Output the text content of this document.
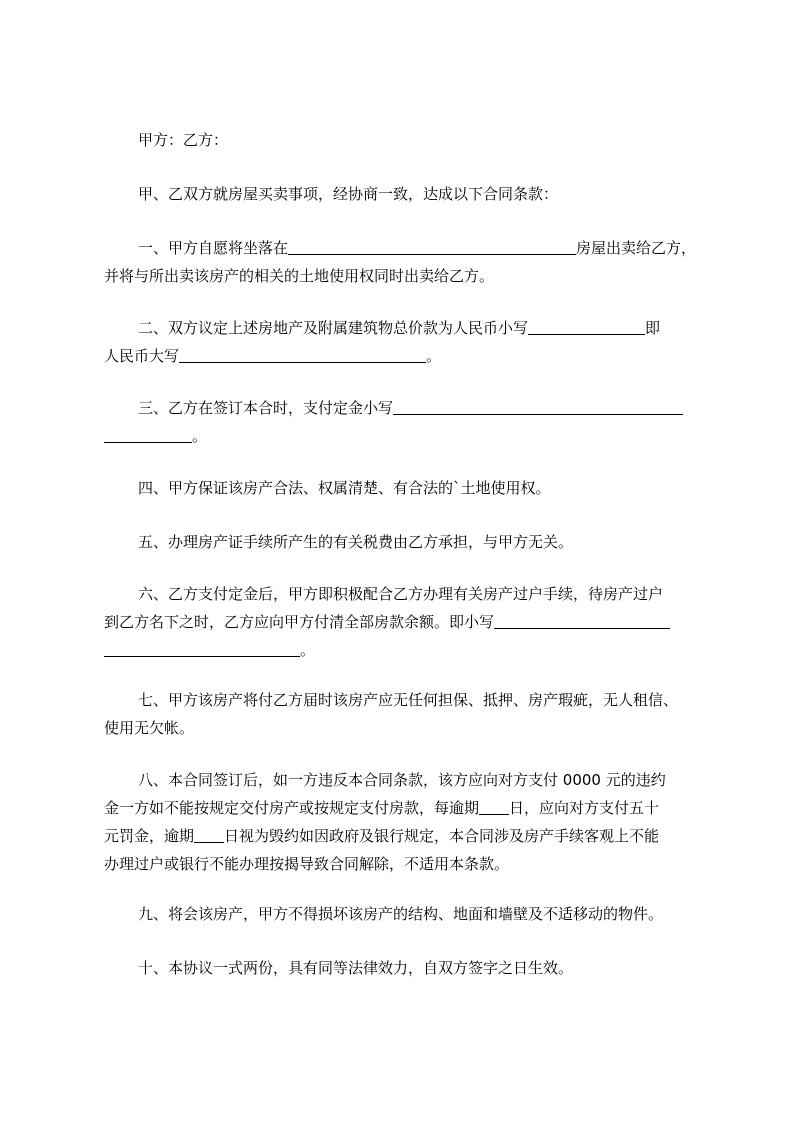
甲方：乙方：

甲、乙双方就房屋买卖事项，经协商一致，达成以下合同条款：

一、甲方自愿将坐落在	房屋出卖给乙方，
并将与所出卖该房产的相关的土地使用权同时出卖给乙方。

二、双方议定上述房地产及附属建筑物总价款为人民币小写	即
人民币大写	。

三、乙方在签订本合时，支付定金小写
。

四、甲方保证该房产合法、权属清楚、有合法的`土地使用权。

五、办理房产证手续所产生的有关税费由乙方承担，与甲方无关。

六、乙方支付定金后，甲方即积极配合乙方办理有关房产过户手续，待房产过户
到乙方名下之时，乙方应向甲方付清全部房款余额。即小写
。

七、甲方该房产将付乙方届时该房产应无任何担保、抵押、房产瑕疵，无人租信、
使用无欠帐。

八、本合同签订后，如一方违反本合同条款，该方应向对方支付 0000 元的违约
金一方如不能按规定交付房产或按规定支付房款，每逾期 日，应向对方支付五十
元罚金，逾期 日视为毁约如因政府及银行规定，本合同涉及房产手续客观上不能
办理过户或银行不能办理按揭导致合同解除，不适用本条款。

九、将会该房产，甲方不得损坏该房产的结构、地面和墙壁及不适移动的物件。

十、本协议一式两份，具有同等法律效力，自双方签字之日生效。
